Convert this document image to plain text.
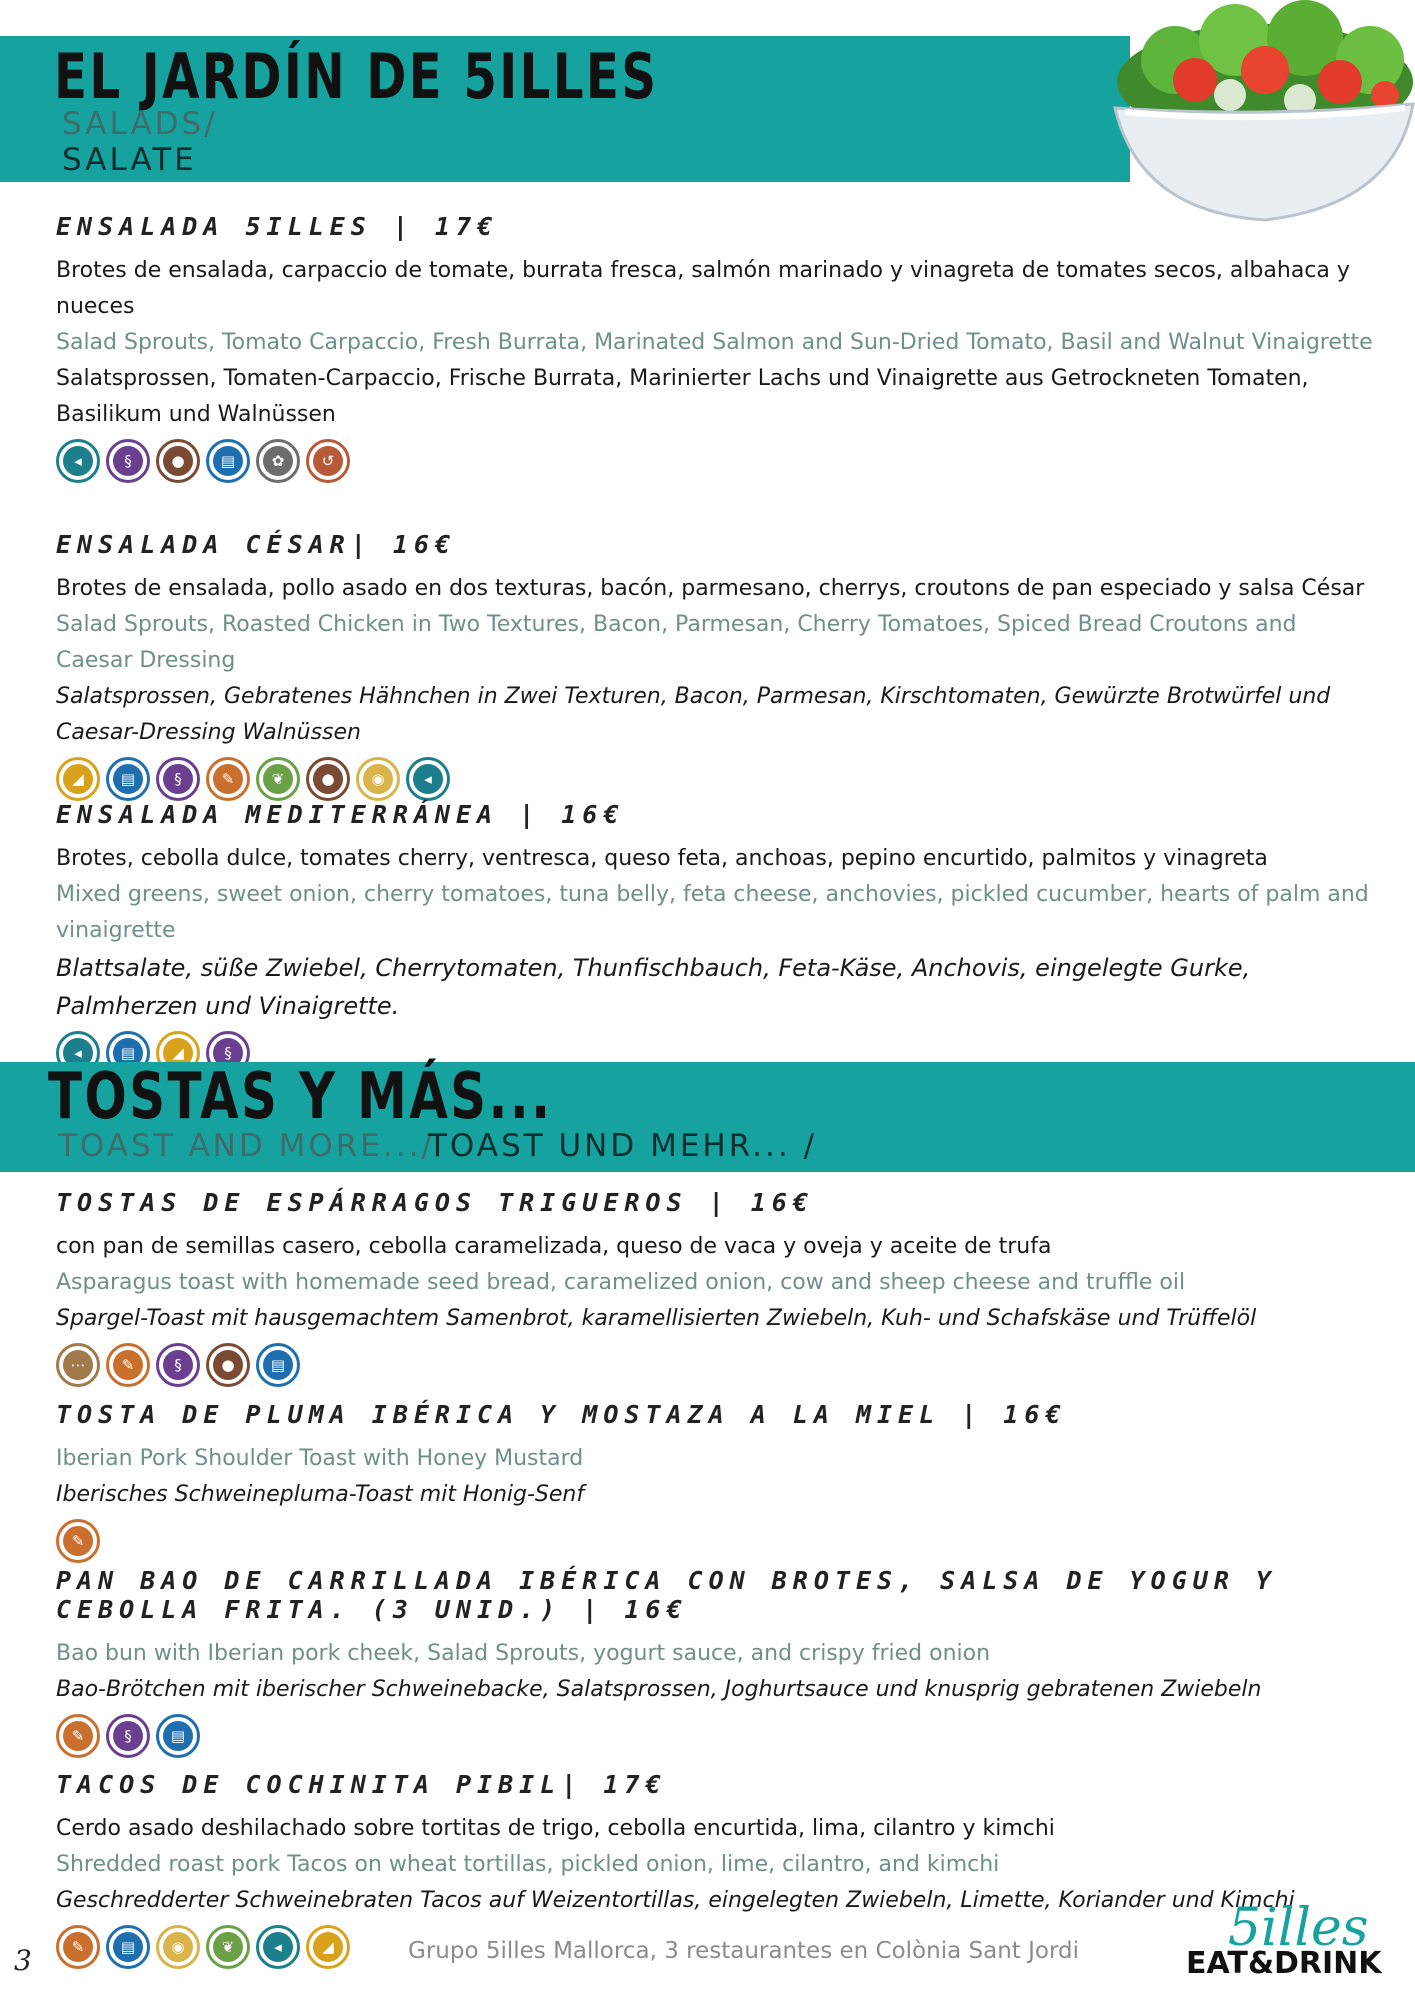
EL JARDÍN DE 5ILLES
SALADS/
SALATE

ENSALADA 5ILLES | 17€

Brotes de ensalada, carpaccio de tomate, burrata fresca, salmón marinado y vinagreta de tomates secos, albahaca y nueces

Salad Sprouts, Tomato Carpaccio, Fresh Burrata, Marinated Salmon and Sun-Dried Tomato, Basil and Walnut Vinaigrette

Salatsprossen, Tomaten-Carpaccio, Frische Burrata, Marinierter Lachs und Vinaigrette aus Getrockneten Tomaten, Basilikum und Walnüssen

◂	§	●	▤	✿	↺

ENSALADA CÉSAR| 16€

Brotes de ensalada, pollo asado en dos texturas, bacón, parmesano, cherrys, croutons de pan especiado y salsa César

Salad Sprouts, Roasted Chicken in Two Textures, Bacon, Parmesan, Cherry Tomatoes, Spiced Bread Croutons and Caesar Dressing

Salatsprossen, Gebratenes Hähnchen in Zwei Texturen, Bacon, Parmesan, Kirschtomaten, Gewürzte Brotwürfel und Caesar-Dressing Walnüssen

◢	▤	§	✎	❦	●	◉	◂

ENSALADA MEDITERRÁNEA | 16€

Brotes, cebolla dulce, tomates cherry, ventresca, queso feta, anchoas, pepino encurtido, palmitos y vinagreta

Mixed greens, sweet onion, cherry tomatoes, tuna belly, feta cheese, anchovies, pickled cucumber, hearts of palm and vinaigrette

Blattsalate, süße Zwiebel, Cherrytomaten, Thunfischbauch, Feta-Käse, Anchovis, eingelegte Gurke, Palmherzen und Vinaigrette.

◂	▤	◢	§
TOSTAS Y MÁS...
TOAST AND MORE.../
TOAST UND MEHR... /

TOSTAS DE ESPÁRRAGOS TRIGUEROS | 16€

con pan de semillas casero, cebolla caramelizada, queso de vaca y oveja y aceite de trufa

Asparagus toast with homemade seed bread, caramelized onion, cow and sheep cheese and truffle oil

Spargel-Toast mit hausgemachtem Samenbrot, karamellisierten Zwiebeln, Kuh- und Schafskäse und Trüffelöl

⋯	✎	§	●	▤

TOSTA DE PLUMA IBÉRICA Y MOSTAZA A LA MIEL | 16€

Iberian Pork Shoulder Toast with Honey Mustard

Iberisches Schweinepluma-Toast mit Honig-Senf

✎

PAN BAO DE CARRILLADA IBÉRICA CON BROTES, SALSA DE YOGUR Y CEBOLLA FRITA. (3 UNID.) | 16€

Bao bun with Iberian pork cheek, Salad Sprouts, yogurt sauce, and crispy fried onion

Bao-Brötchen mit iberischer Schweinebacke, Salatsprossen, Joghurtsauce und knusprig gebratenen Zwiebeln

✎	§	▤

TACOS DE COCHINITA PIBIL| 17€

Cerdo asado deshilachado sobre tortitas de trigo, cebolla encurtida, lima, cilantro y kimchi

Shredded roast pork Tacos on wheat tortillas, pickled onion, lime, cilantro, and kimchi

Geschredderter Schweinebraten Tacos auf Weizentortillas, eingelegten Zwiebeln, Limette, Koriander und Kimchi

✎	▤	◉	❦	◂	◢
3	Grupo 5illes Mallorca, 3 restaurantes en Colònia Sant Jordi	5illes
EAT&DRINK
